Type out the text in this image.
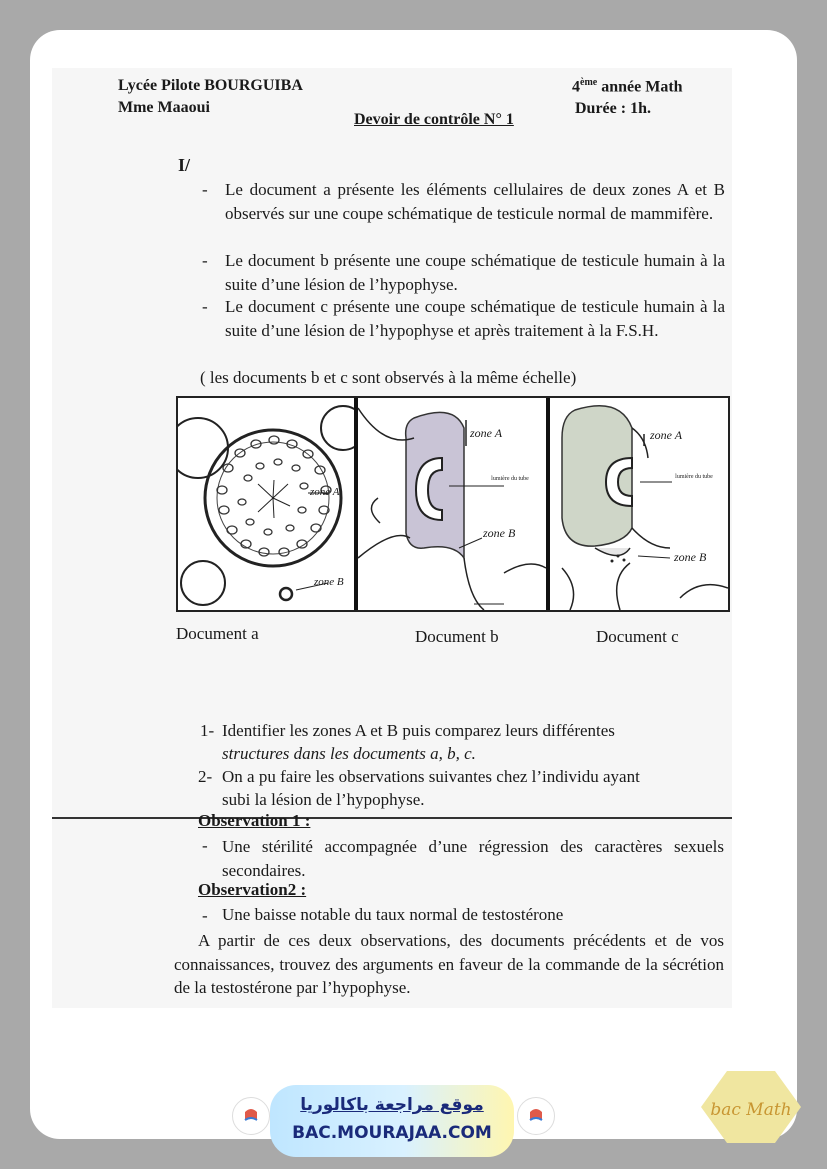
Lycée Pilote BOURGUIBA
Mme Maaoui
Devoir de contrôle N° 1
4ème année Math
Durée : 1h.
I/
- Le document a présente les éléments cellulaires de deux zones A et B observés sur une coupe schématique de testicule normal de mammifère.
- Le document b présente une coupe schématique de testicule humain à la suite d’une lésion de l’hypophyse.
- Le document c présente une coupe schématique de testicule humain à la suite d’une lésion de l’hypophyse et après traitement à la F.S.H.
( les documents b et c sont observés à la même échelle)
zone A
zone B
zone A
lumière du tube
zone B
zone A
lumière du tube
zone B
Document a	Document b	Document c
1- Identifier les zones A et B puis comparez leurs différentes
structures dans les documents a, b, c.
2- On a pu faire les observations suivantes chez l’individu ayant
subi la lésion de l’hypophyse.
Observation 1 :
- Une stérilité accompagnée d’une régression des caractères sexuels secondaires.
Observation2 :
- Une baisse notable du taux normal de testostérone
A partir de ces deux observations, des documents précédents et de vos connaissances, trouvez des arguments en faveur de la commande de la sécrétion de la testostérone par l’hypophyse.
موقع مراجعة باكالوريا
BAC.MOURAJAA.COM
bac Math
